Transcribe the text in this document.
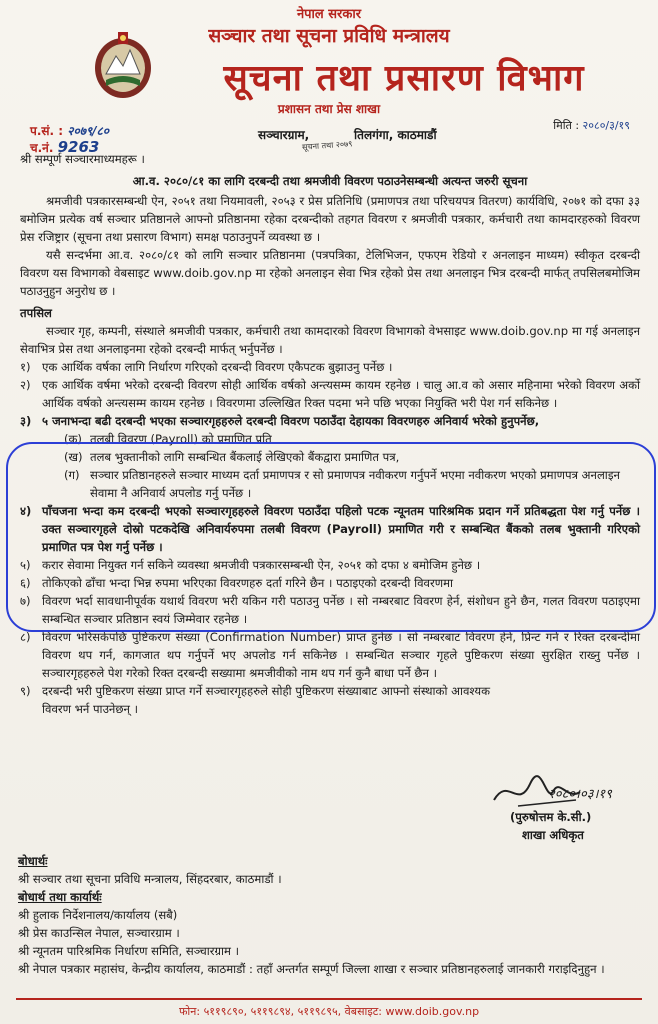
नेपाल सरकार
सञ्चार तथा सूचना प्रविधि मन्त्रालय
सूचना तथा प्रसारण विभाग
प्रशासन तथा प्रेस शाखा
सञ्चारग्राम,	तिलगंगा, काठमाडौं
सूचना तथा २०७९
प.सं. : २०७९/८०
च.नं. 9263
मिति : २०८०/३/१९
श्री सम्पूर्ण सञ्चारमाध्यमहरू ।
आ.व. २०८०/८१ का लागि दरबन्दी तथा श्रमजीवी विवरण पठाउनेसम्बन्धी अत्यन्त जरुरी सूचना

श्रमजीवी पत्रकारसम्बन्धी ऐन, २०५१ तथा नियमावली, २०५३ र प्रेस प्रतिनिधि (प्रमाणपत्र तथा परिचयपत्र वितरण) कार्यविधि, २०७१ को दफा ३३ बमोजिम प्रत्येक वर्ष सञ्चार प्रतिष्ठानले आफ्नो प्रतिष्ठानमा रहेका दरबन्दीको तहगत विवरण र श्रमजीवी पत्रकार, कर्मचारी तथा कामदारहरुको विवरण प्रेस रजिष्ट्रार (सूचना तथा प्रसारण विभाग) समक्ष पठाउनुपर्ने व्यवस्था छ ।

यसै सन्दर्भमा आ.व. २०८०/८१ को लागि सञ्चार प्रतिष्ठानमा (पत्रपत्रिका, टेलिभिजन, एफएम रेडियो र अनलाइन माध्यम) स्वीकृत दरबन्दी विवरण यस विभागको वेबसाइट www.doib.gov.np मा रहेको अनलाइन सेवा भित्र रहेको प्रेस तथा अनलाइन भित्र दरबन्दी मार्फत् तपसिलबमोजिम पठाउनुहुन अनुरोध छ ।

तपसिल

सञ्चार गृह, कम्पनी, संस्थाले श्रमजीवी पत्रकार, कर्मचारी तथा कामदारको विवरण विभागको वेभसाइट www.doib.gov.np मा गई अनलाइन सेवाभित्र प्रेस तथा अनलाइनमा रहेको दरबन्दी मार्फत् भर्नुपर्नेछ ।

१) एक आर्थिक वर्षका लागि निर्धारण गरिएको दरबन्दी विवरण एकैपटक बुझाउनु पर्नेछ ।
२) एक आर्थिक वर्षमा भरेको दरबन्दी विवरण सोही आर्थिक वर्षको अन्त्यसम्म कायम रहनेछ । चालु आ.व को असार महिनामा भरेको विवरण अर्को आर्थिक वर्षको अन्त्यसम्म कायम रहनेछ । विवरणमा उल्लिखित रिक्त पदमा भने पछि भएका नियुक्ति भरी पेश गर्न सकिनेछ ।
३) ५ जनाभन्दा बढी दरबन्दी भएका सञ्चारगृहहरुले दरबन्दी विवरण पठाउँदा देहायका विवरणहरु अनिवार्य भरेको हुनुपर्नेछ,
(क) तलबी विवरण (Payroll) को प्रमाणित प्रति
(ख) तलब भुक्तानीको लागि सम्बन्धित बैंकलाई लेखिएको बैंकद्वारा प्रमाणित पत्र,
(ग) सञ्चार प्रतिष्ठानहरुले सञ्चार माध्यम दर्ता प्रमाणपत्र र सो प्रमाणपत्र नवीकरण गर्नुपर्ने भएमा नवीकरण भएको प्रमाणपत्र अनलाइन सेवामा नै अनिवार्य अपलोड गर्नु पर्नेछ ।
४) पाँचजना भन्दा कम दरबन्दी भएको सञ्चारगृहहरुले विवरण पठाउँदा पहिलो पटक न्यूनतम पारिश्रमिक प्रदान गर्ने प्रतिबद्धता पेश गर्नु पर्नेछ । उक्त सञ्चारगृहले दोस्रो पटकदेखि अनिवार्यरुपमा तलबी विवरण (Payroll) प्रमाणित गरी र सम्बन्धित बैंकको तलब भुक्तानी गरिएको प्रमाणित पत्र पेश गर्नु पर्नेछ ।
५) करार सेवामा नियुक्त गर्न सकिने व्यवस्था श्रमजीवी पत्रकारसम्बन्धी ऐन, २०५१ को दफा ४ बमोजिम हुनेछ ।
६) तोकिएको ढाँचा भन्दा भिन्न रुपमा भरिएका विवरणहरु दर्ता गरिने छैन । पठाइएको दरबन्दी विवरणमा
७) विवरण भर्दा सावधानीपूर्वक यथार्थ विवरण भरी यकिन गरी पठाउनु पर्नेछ । सो नम्बरबाट विवरण हेर्न, संशोधन हुने छैन, गलत विवरण पठाइएमा सम्बन्धित सञ्चार प्रतिष्ठान स्वयं जिम्मेवार रहनेछ ।
८) विवरण भरिसकेपछि पुष्टिकरण संख्या (Confirmation Number) प्राप्त हुनेछ । सो नम्बरबाट विवरण हेर्न, प्रिन्ट गर्न र रिक्त दरबन्दीमा विवरण थप गर्न, कागजात थप गर्नुपर्ने भए अपलोड गर्न सकिनेछ । सम्बन्धित सञ्चार गृहले पुष्टिकरण संख्या सुरक्षित राख्नु पर्नेछ । सञ्चारगृहहरुले पेश गरेको रिक्त दरबन्दी सख्यामा श्रमजीवीको नाम थप गर्न कुनै बाधा पर्ने छैन ।
९) दरबन्दी भरी पुष्टिकरण संख्या प्राप्त गर्ने सञ्चारगृहहरुले सोही पुष्टिकरण संख्याबाट आफ्नो संस्थाको आवश्यक विवरण भर्न पाउनेछन् ।
२०८०।०३।१९
(पुरुषोत्तम के.सी.)
शाखा अधिकृत
बोधार्थः
श्री सञ्चार तथा सूचना प्रविधि मन्त्रालय, सिंहदरबार, काठमाडौं ।
बोधार्थ तथा कार्यार्थः
श्री हुलाक निर्देशनालय/कार्यालय (सबै)
श्री प्रेस काउन्सिल नेपाल, सञ्चारग्राम ।
श्री न्यूनतम पारिश्रमिक निर्धारण समिति, सञ्चारग्राम ।
श्री नेपाल पत्रकार महासंघ, केन्द्रीय कार्यालय, काठमाडौं : तहाँ अन्तर्गत सम्पूर्ण जिल्ला शाखा र सञ्चार प्रतिष्ठानहरुलाई जानकारी गराइदिनुहुन ।
फोन: ५११९८९०, ५११९८९४, ५११९८९५, वेबसाइट: www.doib.gov.np
